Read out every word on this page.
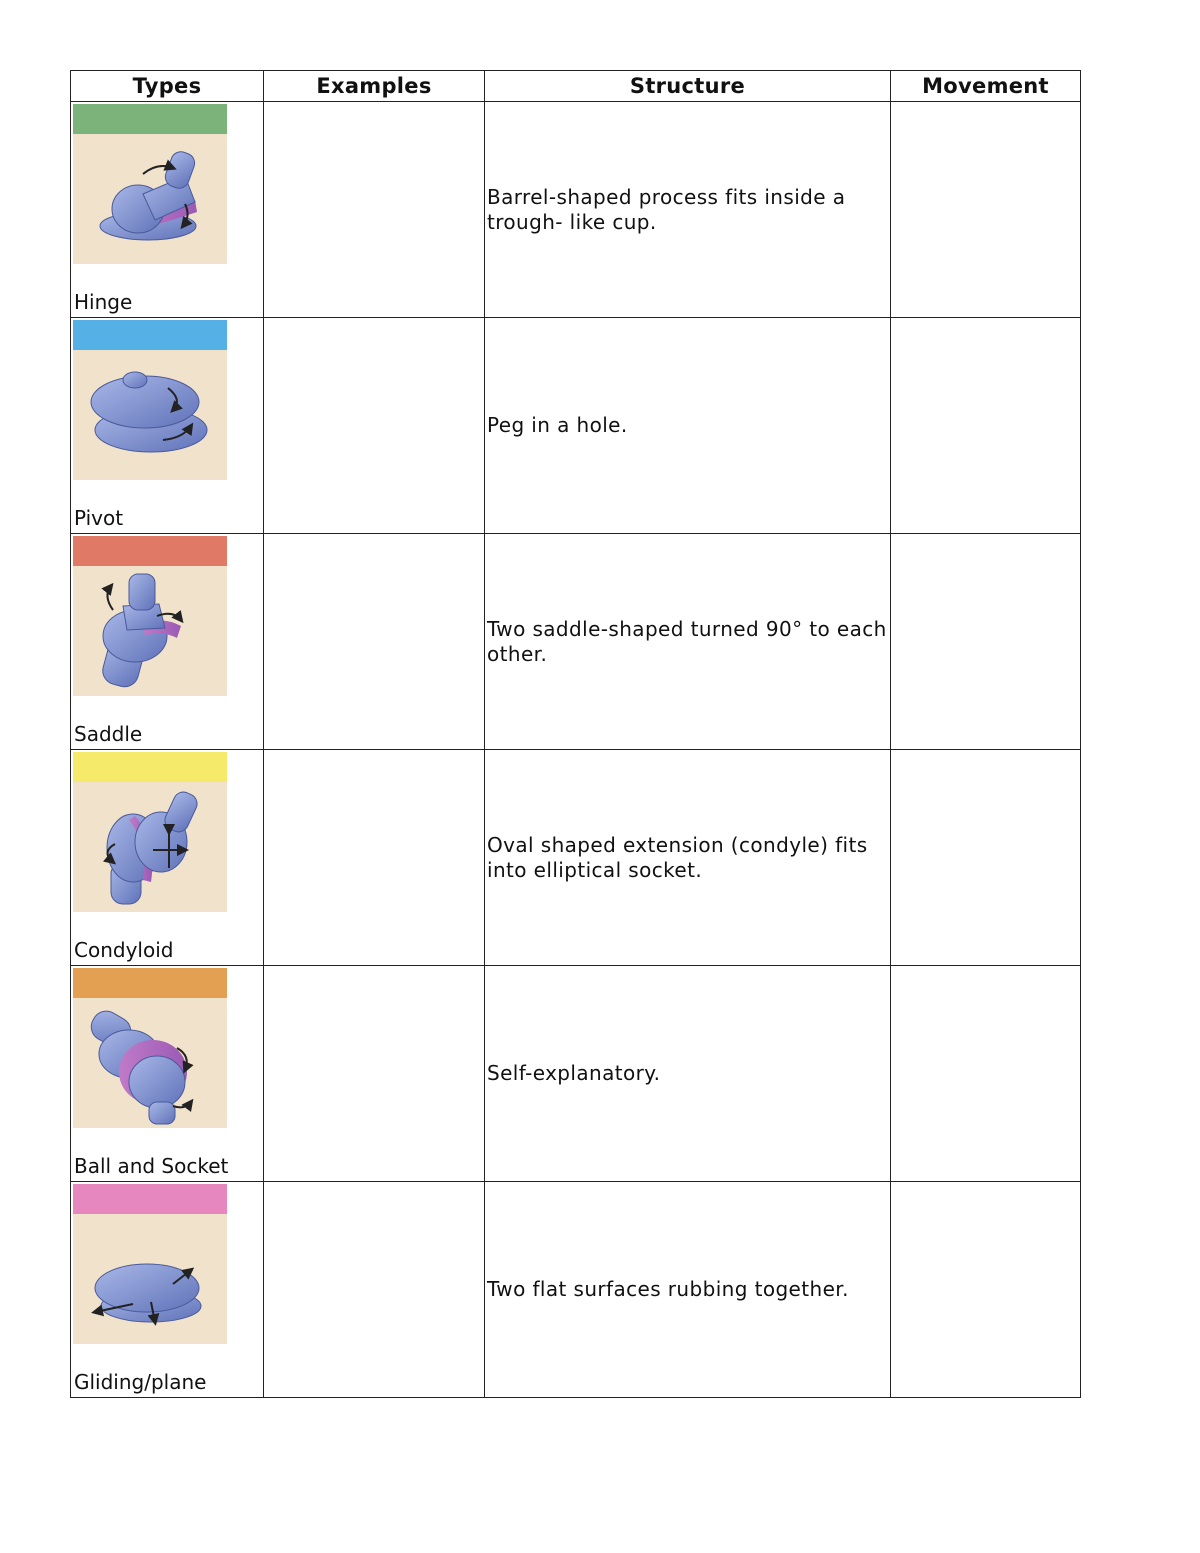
Types	Examples	Structure	Movement

Hinge		Barrel-shaped process fits inside a trough- like cup.	

Pivot		Peg in a hole.	

Saddle		Two saddle-shaped turned 90° to each other.	

Condyloid		Oval shaped extension (condyle) fits into elliptical socket.	

Ball and Socket		Self-explanatory.	

Gliding/plane		Two flat surfaces rubbing together.	
